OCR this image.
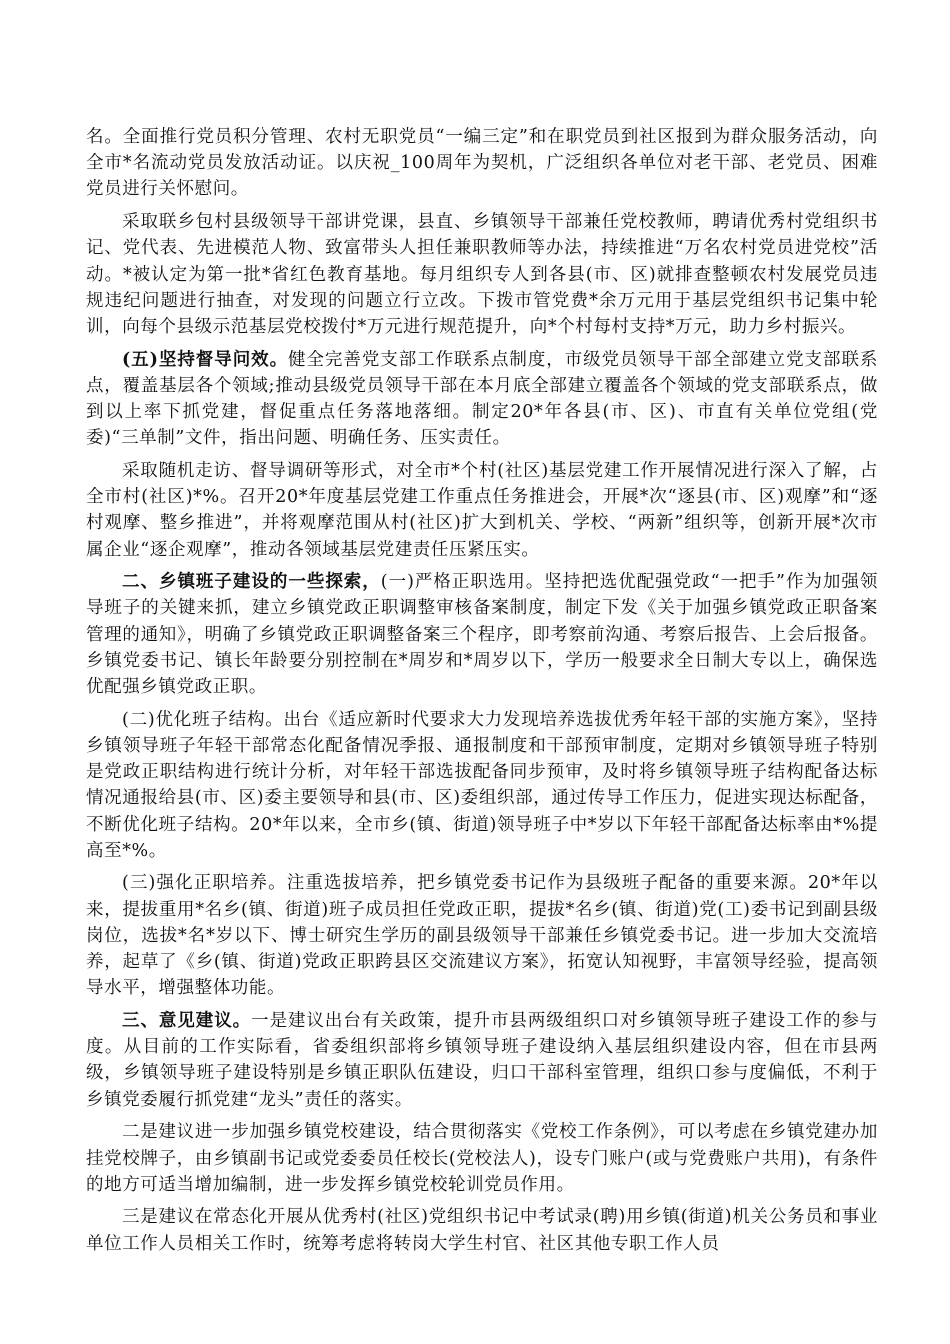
名。全面推行党员积分管理、农村无职党员“一编三定”和在职党员到社区报到为群众服务活动，向全市*名流动党员发放活动证。以庆祝_100周年为契机，广泛组织各单位对老干部、老党员、困难党员进行关怀慰问。

采取联乡包村县级领导干部讲党课，县直、乡镇领导干部兼任党校教师，聘请优秀村党组织书记、党代表、先进模范人物、致富带头人担任兼职教师等办法，持续推进“万名农村党员进党校”活动。*被认定为第一批*省红色教育基地。每月组织专人到各县(市、区)就排查整顿农村发展党员违规违纪问题进行抽查，对发现的问题立行立改。下拨市管党费*余万元用于基层党组织书记集中轮训，向每个县级示范基层党校拨付*万元进行规范提升，向*个村每村支持*万元，助力乡村振兴。

(五)坚持督导问效。健全完善党支部工作联系点制度，市级党员领导干部全部建立党支部联系点，覆盖基层各个领域;推动县级党员领导干部在本月底全部建立覆盖各个领域的党支部联系点，做到以上率下抓党建，督促重点任务落地落细。制定20*年各县(市、区)、市直有关单位党组(党委)“三单制”文件，指出问题、明确任务、压实责任。

采取随机走访、督导调研等形式，对全市*个村(社区)基层党建工作开展情况进行深入了解，占全市村(社区)*%。召开20*年度基层党建工作重点任务推进会，开展*次“逐县(市、区)观摩”和“逐村观摩、整乡推进”，并将观摩范围从村(社区)扩大到机关、学校、“两新”组织等，创新开展*次市属企业“逐企观摩”，推动各领域基层党建责任压紧压实。

二、乡镇班子建设的一些探索，(一)严格正职选用。坚持把选优配强党政“一把手”作为加强领导班子的关键来抓，建立乡镇党政正职调整审核备案制度，制定下发《关于加强乡镇党政正职备案管理的通知》，明确了乡镇党政正职调整备案三个程序，即考察前沟通、考察后报告、上会后报备。乡镇党委书记、镇长年龄要分别控制在*周岁和*周岁以下，学历一般要求全日制大专以上，确保选优配强乡镇党政正职。

(二)优化班子结构。出台《适应新时代要求大力发现培养选拔优秀年轻干部的实施方案》，坚持乡镇领导班子年轻干部常态化配备情况季报、通报制度和干部预审制度，定期对乡镇领导班子特别是党政正职结构进行统计分析，对年轻干部选拔配备同步预审，及时将乡镇领导班子结构配备达标情况通报给县(市、区)委主要领导和县(市、区)委组织部，通过传导工作压力，促进实现达标配备，不断优化班子结构。20*年以来，全市乡(镇、街道)领导班子中*岁以下年轻干部配备达标率由*%提高至*%。

(三)强化正职培养。注重选拔培养，把乡镇党委书记作为县级班子配备的重要来源。20*年以来，提拔重用*名乡(镇、街道)班子成员担任党政正职，提拔*名乡(镇、街道)党(工)委书记到副县级岗位，选拔*名*岁以下、博士研究生学历的副县级领导干部兼任乡镇党委书记。进一步加大交流培养，起草了《乡(镇、街道)党政正职跨县区交流建议方案》，拓宽认知视野，丰富领导经验，提高领导水平，增强整体功能。

三、意见建议。一是建议出台有关政策，提升市县两级组织口对乡镇领导班子建设工作的参与度。从目前的工作实际看，省委组织部将乡镇领导班子建设纳入基层组织建设内容，但在市县两级，乡镇领导班子建设特别是乡镇正职队伍建设，归口干部科室管理，组织口参与度偏低，不利于乡镇党委履行抓党建“龙头”责任的落实。

二是建议进一步加强乡镇党校建设，结合贯彻落实《党校工作条例》，可以考虑在乡镇党建办加挂党校牌子，由乡镇副书记或党委委员任校长(党校法人)，设专门账户(或与党费账户共用)，有条件的地方可适当增加编制，进一步发挥乡镇党校轮训党员作用。

三是建议在常态化开展从优秀村(社区)党组织书记中考试录(聘)用乡镇(街道)机关公务员和事业单位工作人员相关工作时，统筹考虑将转岗大学生村官、社区其他专职工作人员
